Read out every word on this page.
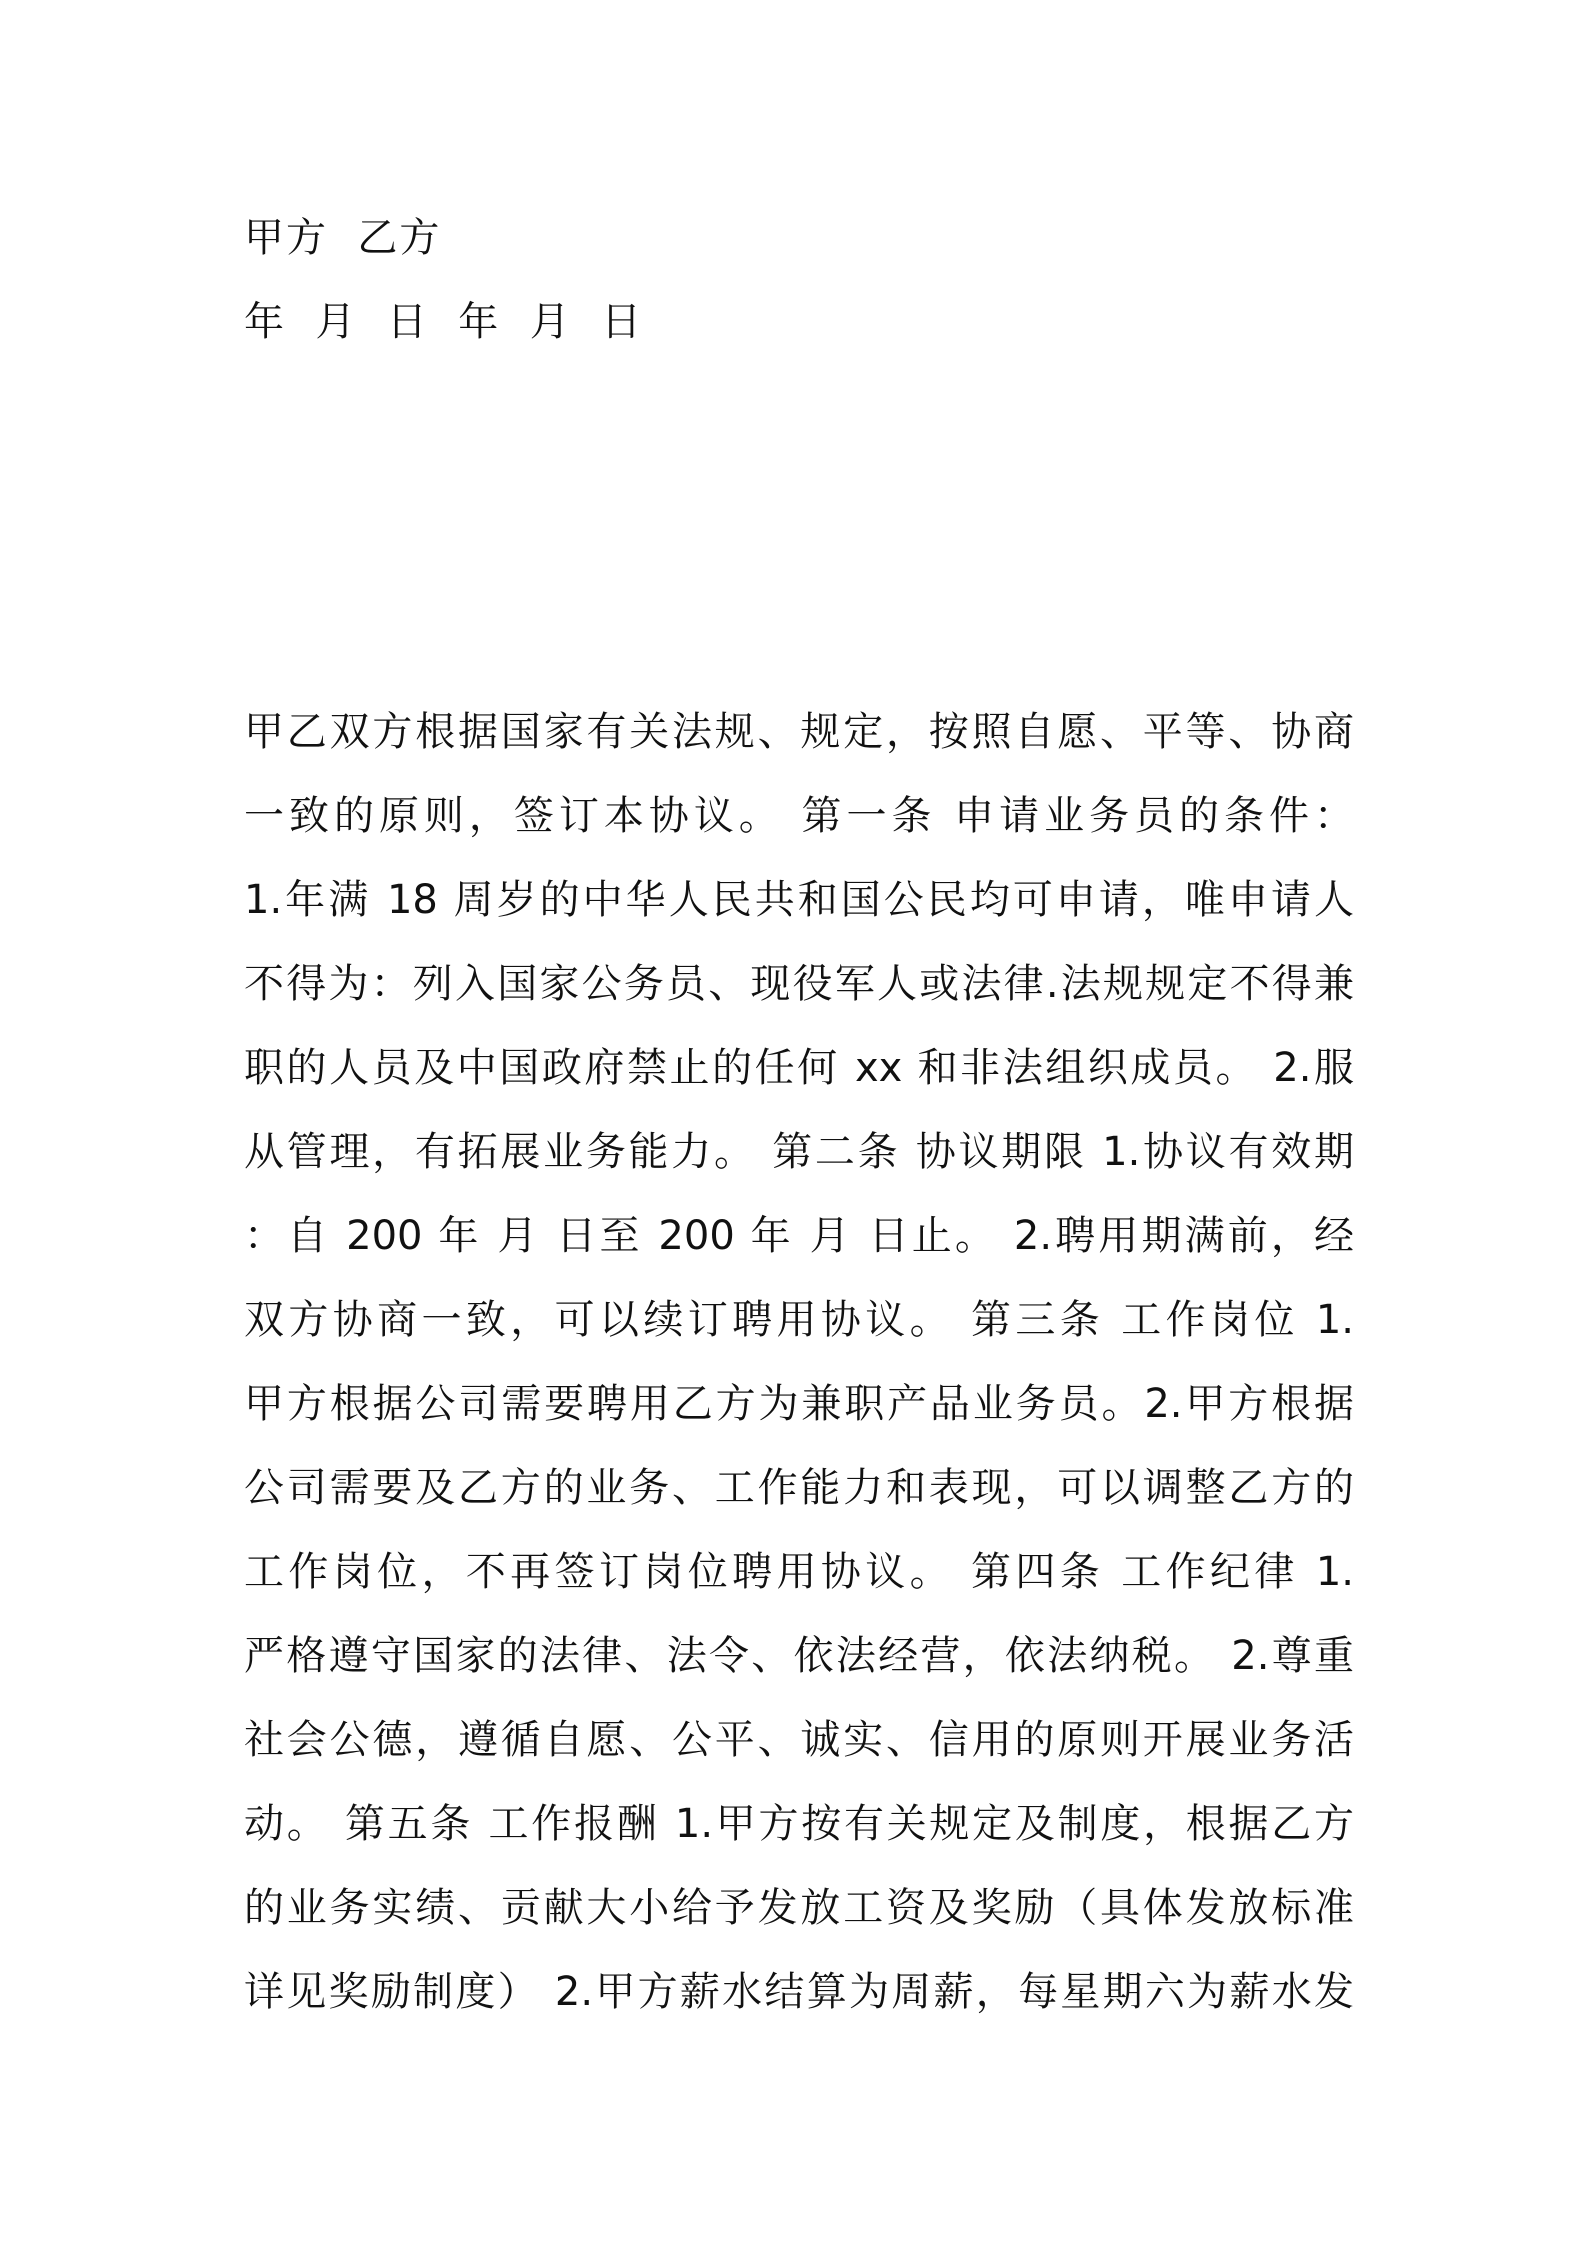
甲方  乙方
年  月  日  年  月  日
甲乙双方根据国家有关法规、规定，按照自愿、平等、协商
一致的原则，签订本协议。 第一条 申请业务员的条件：
1.年满 18 周岁的中华人民共和国公民均可申请，唯申请人
不得为：列入国家公务员、现役军人或法律.法规规定不得兼
职的人员及中国政府禁止的任何 xx 和非法组织成员。 2.服
从管理，有拓展业务能力。 第二条 协议期限 1.协议有效期
：自 200 年 月 日至 200 年 月 日止。 2.聘用期满前，经
双方协商一致，可以续订聘用协议。 第三条 工作岗位 1.
甲方根据公司需要聘用乙方为兼职产品业务员。2.甲方根据
公司需要及乙方的业务、工作能力和表现，可以调整乙方的
工作岗位，不再签订岗位聘用协议。 第四条 工作纪律 1.
严格遵守国家的法律、法令、依法经营，依法纳税。 2.尊重
社会公德，遵循自愿、公平、诚实、信用的原则开展业务活
动。 第五条 工作报酬 1.甲方按有关规定及制度，根据乙方
的业务实绩、贡献大小给予发放工资及奖励（具体发放标准
详见奖励制度） 2.甲方薪水结算为周薪，每星期六为薪水发
